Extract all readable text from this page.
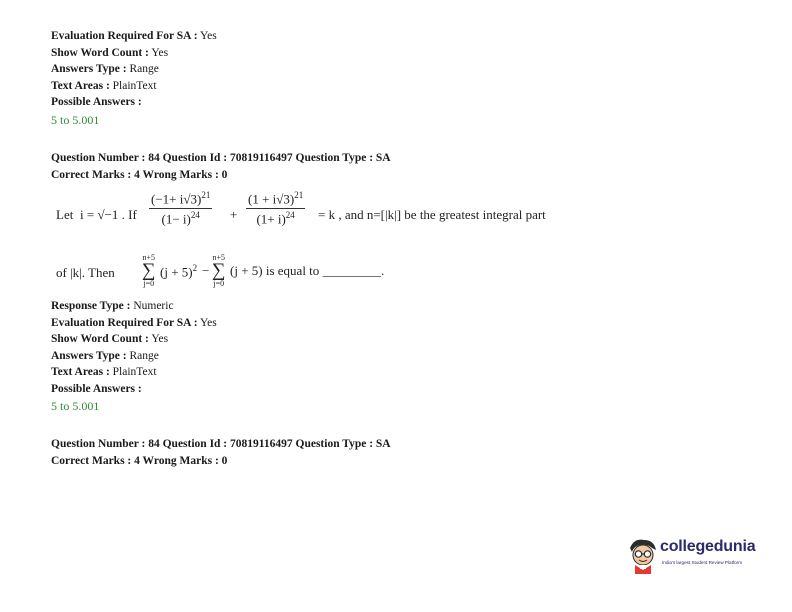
Evaluation Required For SA : Yes
Show Word Count : Yes
Answers Type : Range
Text Areas : PlainText
Possible Answers :
5 to 5.001
Question Number : 84 Question Id : 70819116497 Question Type : SA
Correct Marks : 4 Wrong Marks : 0
Let i = √−1 . If
$(-1+ i√3)^{21}$
$(1- i)^{24}$	+
$(1 + i√3)^{21}$
$(1+ i)^{24}$	= k , and n=[|k|] be the greatest integral part
of |k|. Then
n+5
∑
j=0
$(j + 5)^2$ −
n+5
∑
j=0
(j + 5) is equal to _________.
Response Type : Numeric
Evaluation Required For SA : Yes
Show Word Count : Yes
Answers Type : Range
Text Areas : PlainText
Possible Answers :
5 to 5.001
Question Number : 84 Question Id : 70819116497 Question Type : SA
Correct Marks : 4 Wrong Marks : 0
collegedunia
India's largest Student Review Platform
